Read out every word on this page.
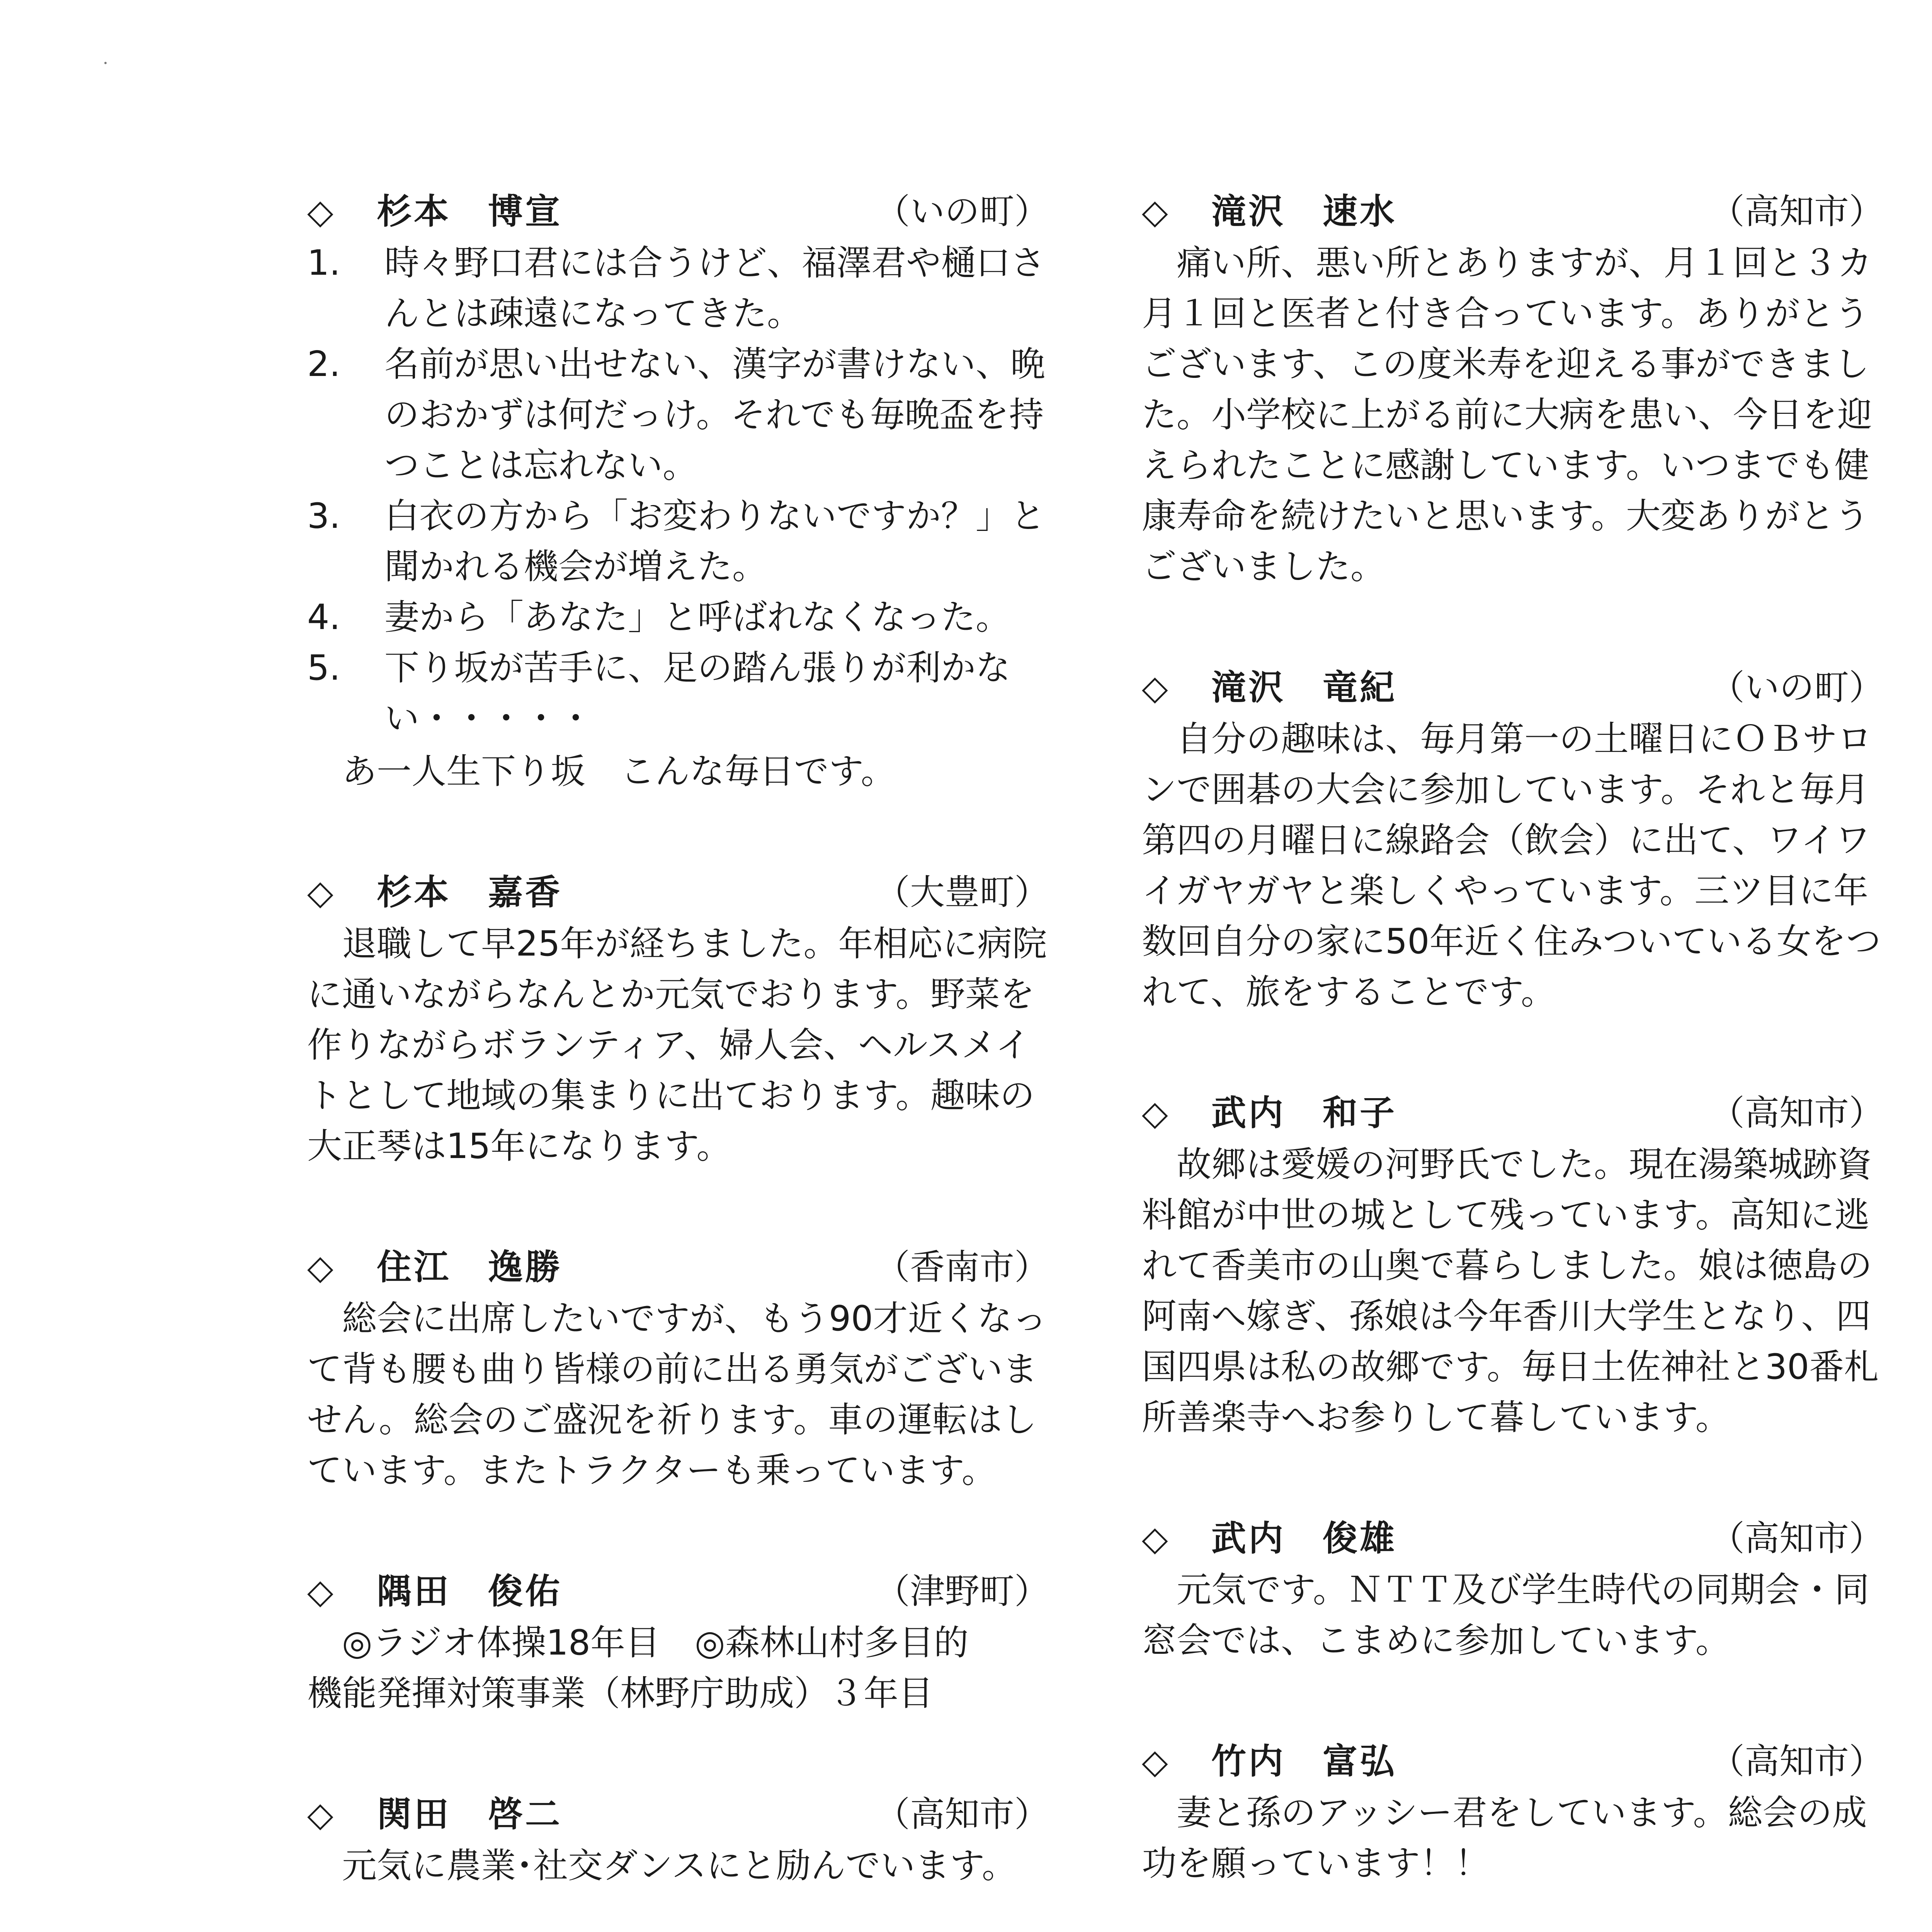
◇ 杉本　博宣	（いの町）
1. 時々野口君には合うけど、福澤君や樋口さんとは疎遠になってきた。
2. 名前が思い出せない、漢字が書けない、晩のおかずは何だっけ。それでも毎晩盃を持つことは忘れない。
3. 白衣の方から「お変わりないですか？」と聞かれる機会が増えた。
4. 妻から「あなた」と呼ばれなくなった。
5. 下り坂が苦手に、足の踏ん張りが利かない・・・・・
あ一人生下り坂　こんな毎日です。
◇ 杉本　嘉香	（大豊町）
退職して早25年が経ちました。年相応に病院に通いながらなんとか元気でおります。野菜を作りながらボランティア、婦人会、ヘルスメイトとして地域の集まりに出ております。趣味の大正琴は15年になります。
◇ 住江　逸勝	（香南市）
総会に出席したいですが、もう90才近くなって背も腰も曲り皆様の前に出る勇気がございません。総会のご盛況を祈ります。車の運転はしています。またトラクターも乗っています。
◇ 隅田　俊佑	（津野町）

◎ラジオ体操18年目　◎森林山村多目的

機能発揮対策事業（林野庁助成）３年目

◇ 関田　啓二	（高知市）
元気に農業･社交ダンスにと励んでいます。
◇ 滝沢　速水	（高知市）
痛い所、悪い所とありますが、月１回と３カ月１回と医者と付き合っています。ありがとうございます、この度米寿を迎える事ができました。小学校に上がる前に大病を患い、今日を迎えられたことに感謝しています。いつまでも健康寿命を続けたいと思います。大変ありがとうございました。
◇ 滝沢　竜紀	（いの町）
自分の趣味は、毎月第一の土曜日にＯＢサロンで囲碁の大会に参加しています。それと毎月第四の月曜日に線路会（飲会）に出て、ワイワイガヤガヤと楽しくやっています。三ツ目に年数回自分の家に50年近く住みついている女をつれて、旅をすることです。
◇ 武内　和子	（高知市）
故郷は愛媛の河野氏でした。現在湯築城跡資料館が中世の城として残っています。高知に逃れて香美市の山奥で暮らしました。娘は徳島の阿南へ嫁ぎ、孫娘は今年香川大学生となり、四国四県は私の故郷です。毎日土佐神社と30番札所善楽寺へお参りして暮しています。
◇ 武内　俊雄	（高知市）
元気です。ＮＴＴ及び学生時代の同期会・同窓会では、こまめに参加しています。
◇ 竹内　富弘	（高知市）
妻と孫のアッシー君をしています。総会の成功を願っています！！
